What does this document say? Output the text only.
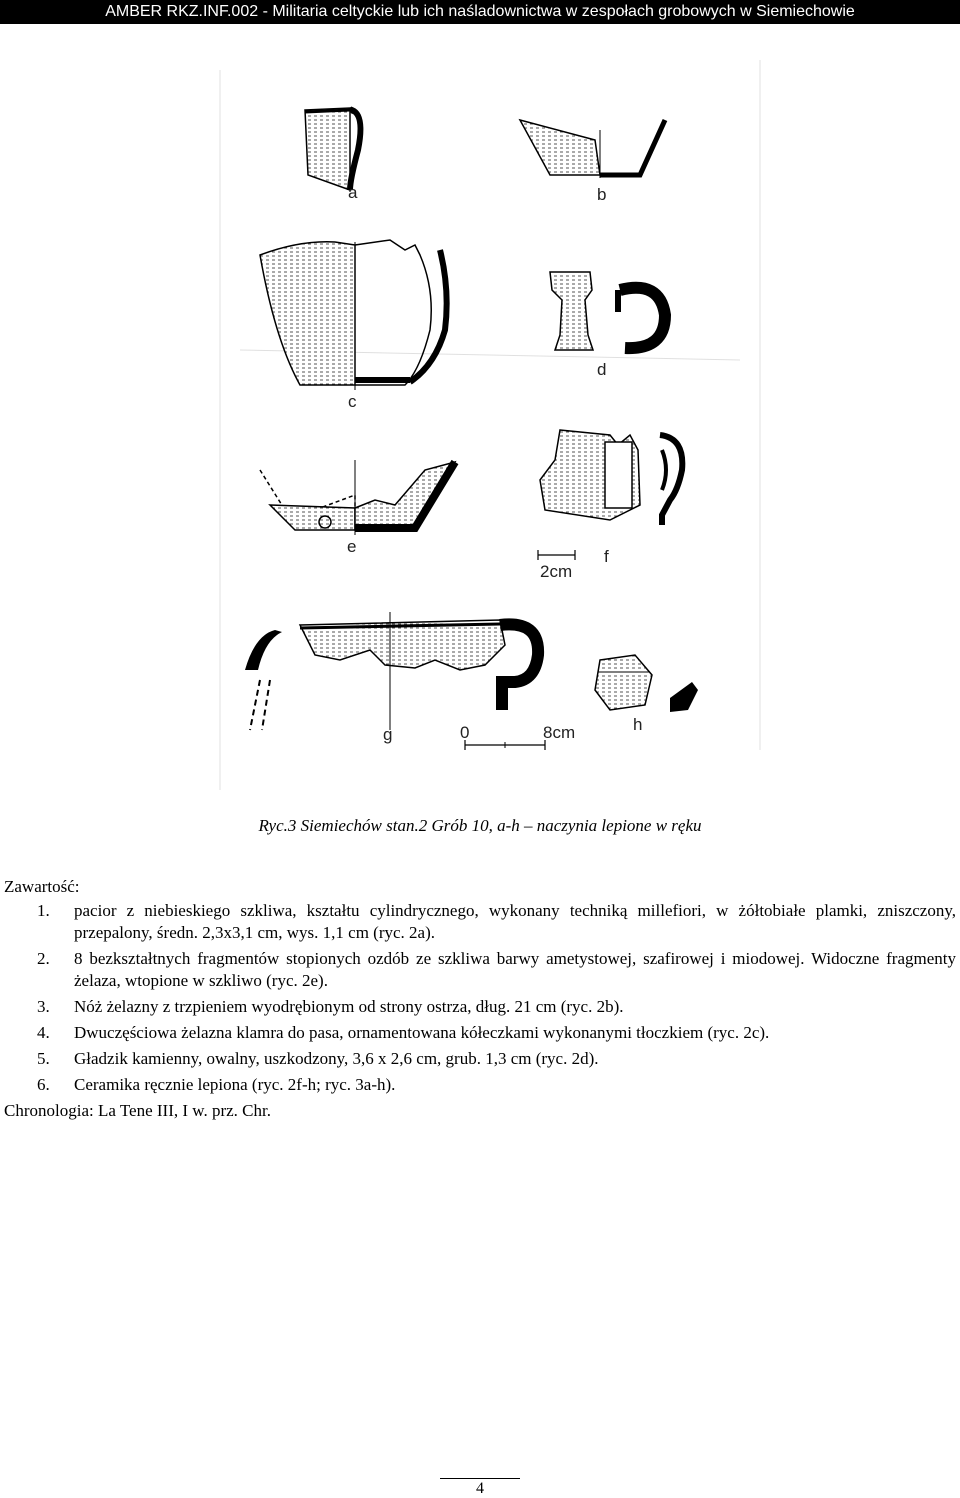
AMBER RKZ.INF.002 - Militaria celtyckie lub ich naśladownictwa w zespołach grobowych w Siemiechowie
a	b
c
d
e
2cm
f
g	0	8cm	h
Ryc.3 Siemiechów stan.2 Grób 10, a-h – naczynia lepione w ręku

Zawartość:

1.	pacior z niebieskiego szkliwa, kształtu cylindrycznego, wykonany techniką millefiori, w żółtobiałe plamki, zniszczony, przepalony, średn. 2,3x3,1 cm, wys. 1,1 cm (ryc. 2a).
2.	8 bezkształtnych fragmentów stopionych ozdób ze szkliwa barwy ametystowej, szafirowej i miodowej. Widoczne fragmenty żelaza, wtopione w szkliwo (ryc. 2e).
3.	Nóż żelazny z trzpieniem wyodrębionym od strony ostrza, dług. 21 cm (ryc. 2b).
4.	Dwuczęściowa żelazna klamra do pasa, ornamentowana kółeczkami wykonanymi tłoczkiem (ryc. 2c).
5.	Gładzik kamienny, owalny, uszkodzony, 3,6 x 2,6 cm, grub. 1,3 cm (ryc. 2d).
6.	Ceramika ręcznie lepiona (ryc. 2f-h; ryc. 3a-h).

Chronologia: La Tene III, I w. prz. Chr.

4
